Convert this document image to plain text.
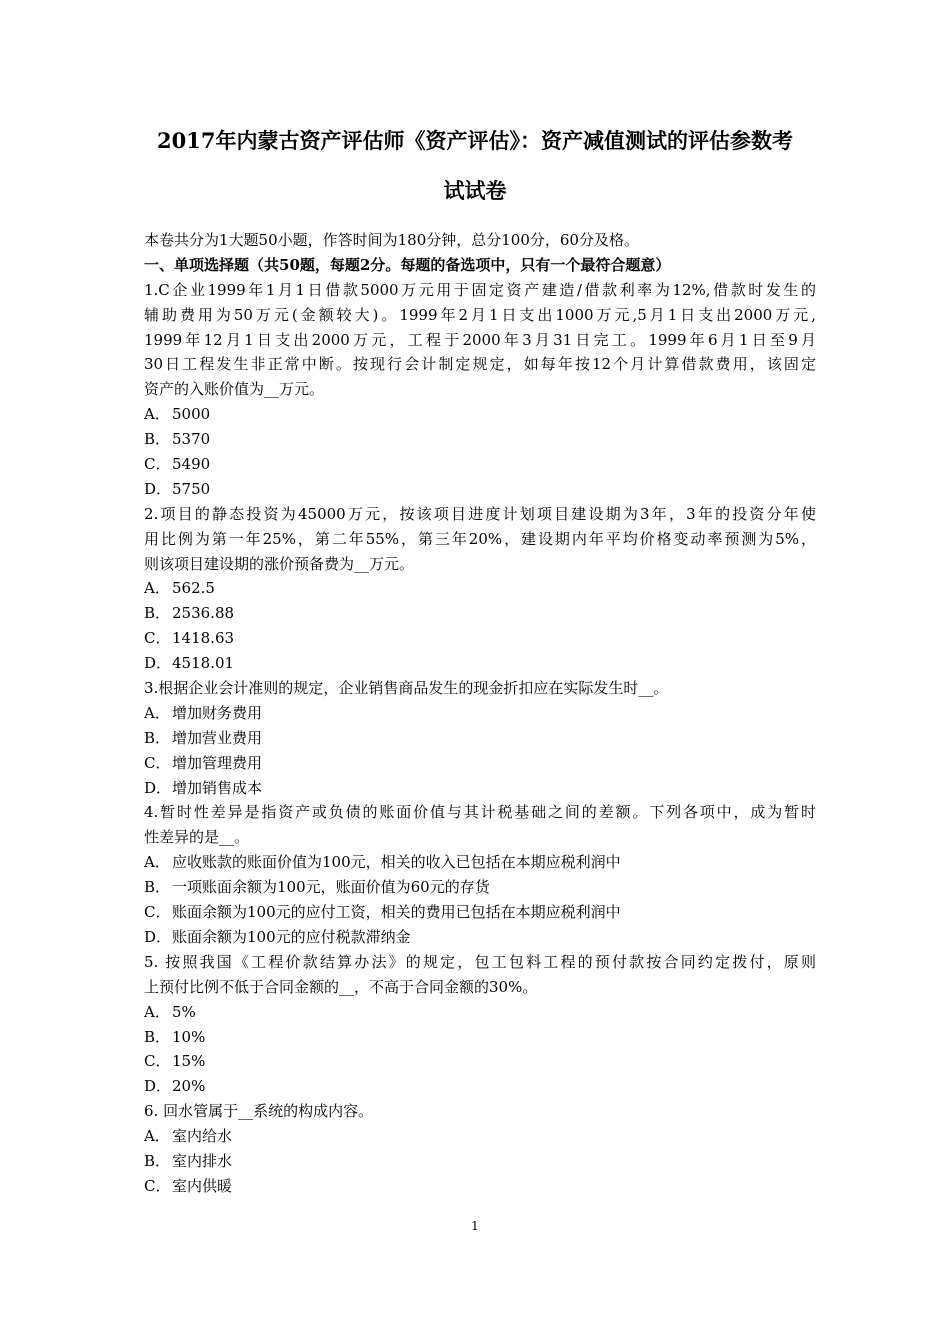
2017年内蒙古资产评估师《资产评估》：资产减值测试的评估参数考
试试卷
本卷共分为1大题50小题，作答时间为180分钟，总分100分，60分及格。
一、单项选择题（共50题，每题2分。每题的备选项中，只有一个最符合题意）
1.C企业1999年1月1日借款5000万元用于固定资产建造/借款利率为12%,借款时发生的
辅助费用为50万元(金额较大)。1999年2月1日支出1000万元,5月1日支出2000万元,
1999年12月1日支出2000万元，工程于2000年3月31日完工。1999年6月1日至9月
30日工程发生非正常中断。按现行会计制定规定，如每年按12个月计算借款费用，该固定
资产的入账价值为__万元。
A． 5000
B． 5370
C． 5490
D． 5750
2.项目的静态投资为45000万元，按该项目进度计划项目建设期为3年，3年的投资分年使
用比例为第一年25%，第二年55%，第三年20%，建设期内年平均价格变动率预测为5%，
则该项目建设期的涨价预备费为__万元。
A． 562.5
B． 2536.88
C． 1418.63
D． 4518.01
3.根据企业会计准则的规定，企业销售商品发生的现金折扣应在实际发生时__。
A． 增加财务费用
B． 增加营业费用
C． 增加管理费用
D． 增加销售成本
4.暂时性差异是指资产或负债的账面价值与其计税基础之间的差额。下列各项中，成为暂时
性差异的是__。
A． 应收账款的账面价值为100元，相关的收入已包括在本期应税利润中
B． 一项账面余额为100元，账面价值为60元的存货
C． 账面余额为100元的应付工资，相关的费用已包括在本期应税利润中
D． 账面余额为100元的应付税款滞纳金
5. 按照我国《工程价款结算办法》的规定，包工包料工程的预付款按合同约定拨付，原则
上预付比例不低于合同金额的__，不高于合同金额的30%。
A． 5%
B． 10%
C． 15%
D． 20%
6. 回水管属于__系统的构成内容。
A． 室内给水
B． 室内排水
C． 室内供暖
1
